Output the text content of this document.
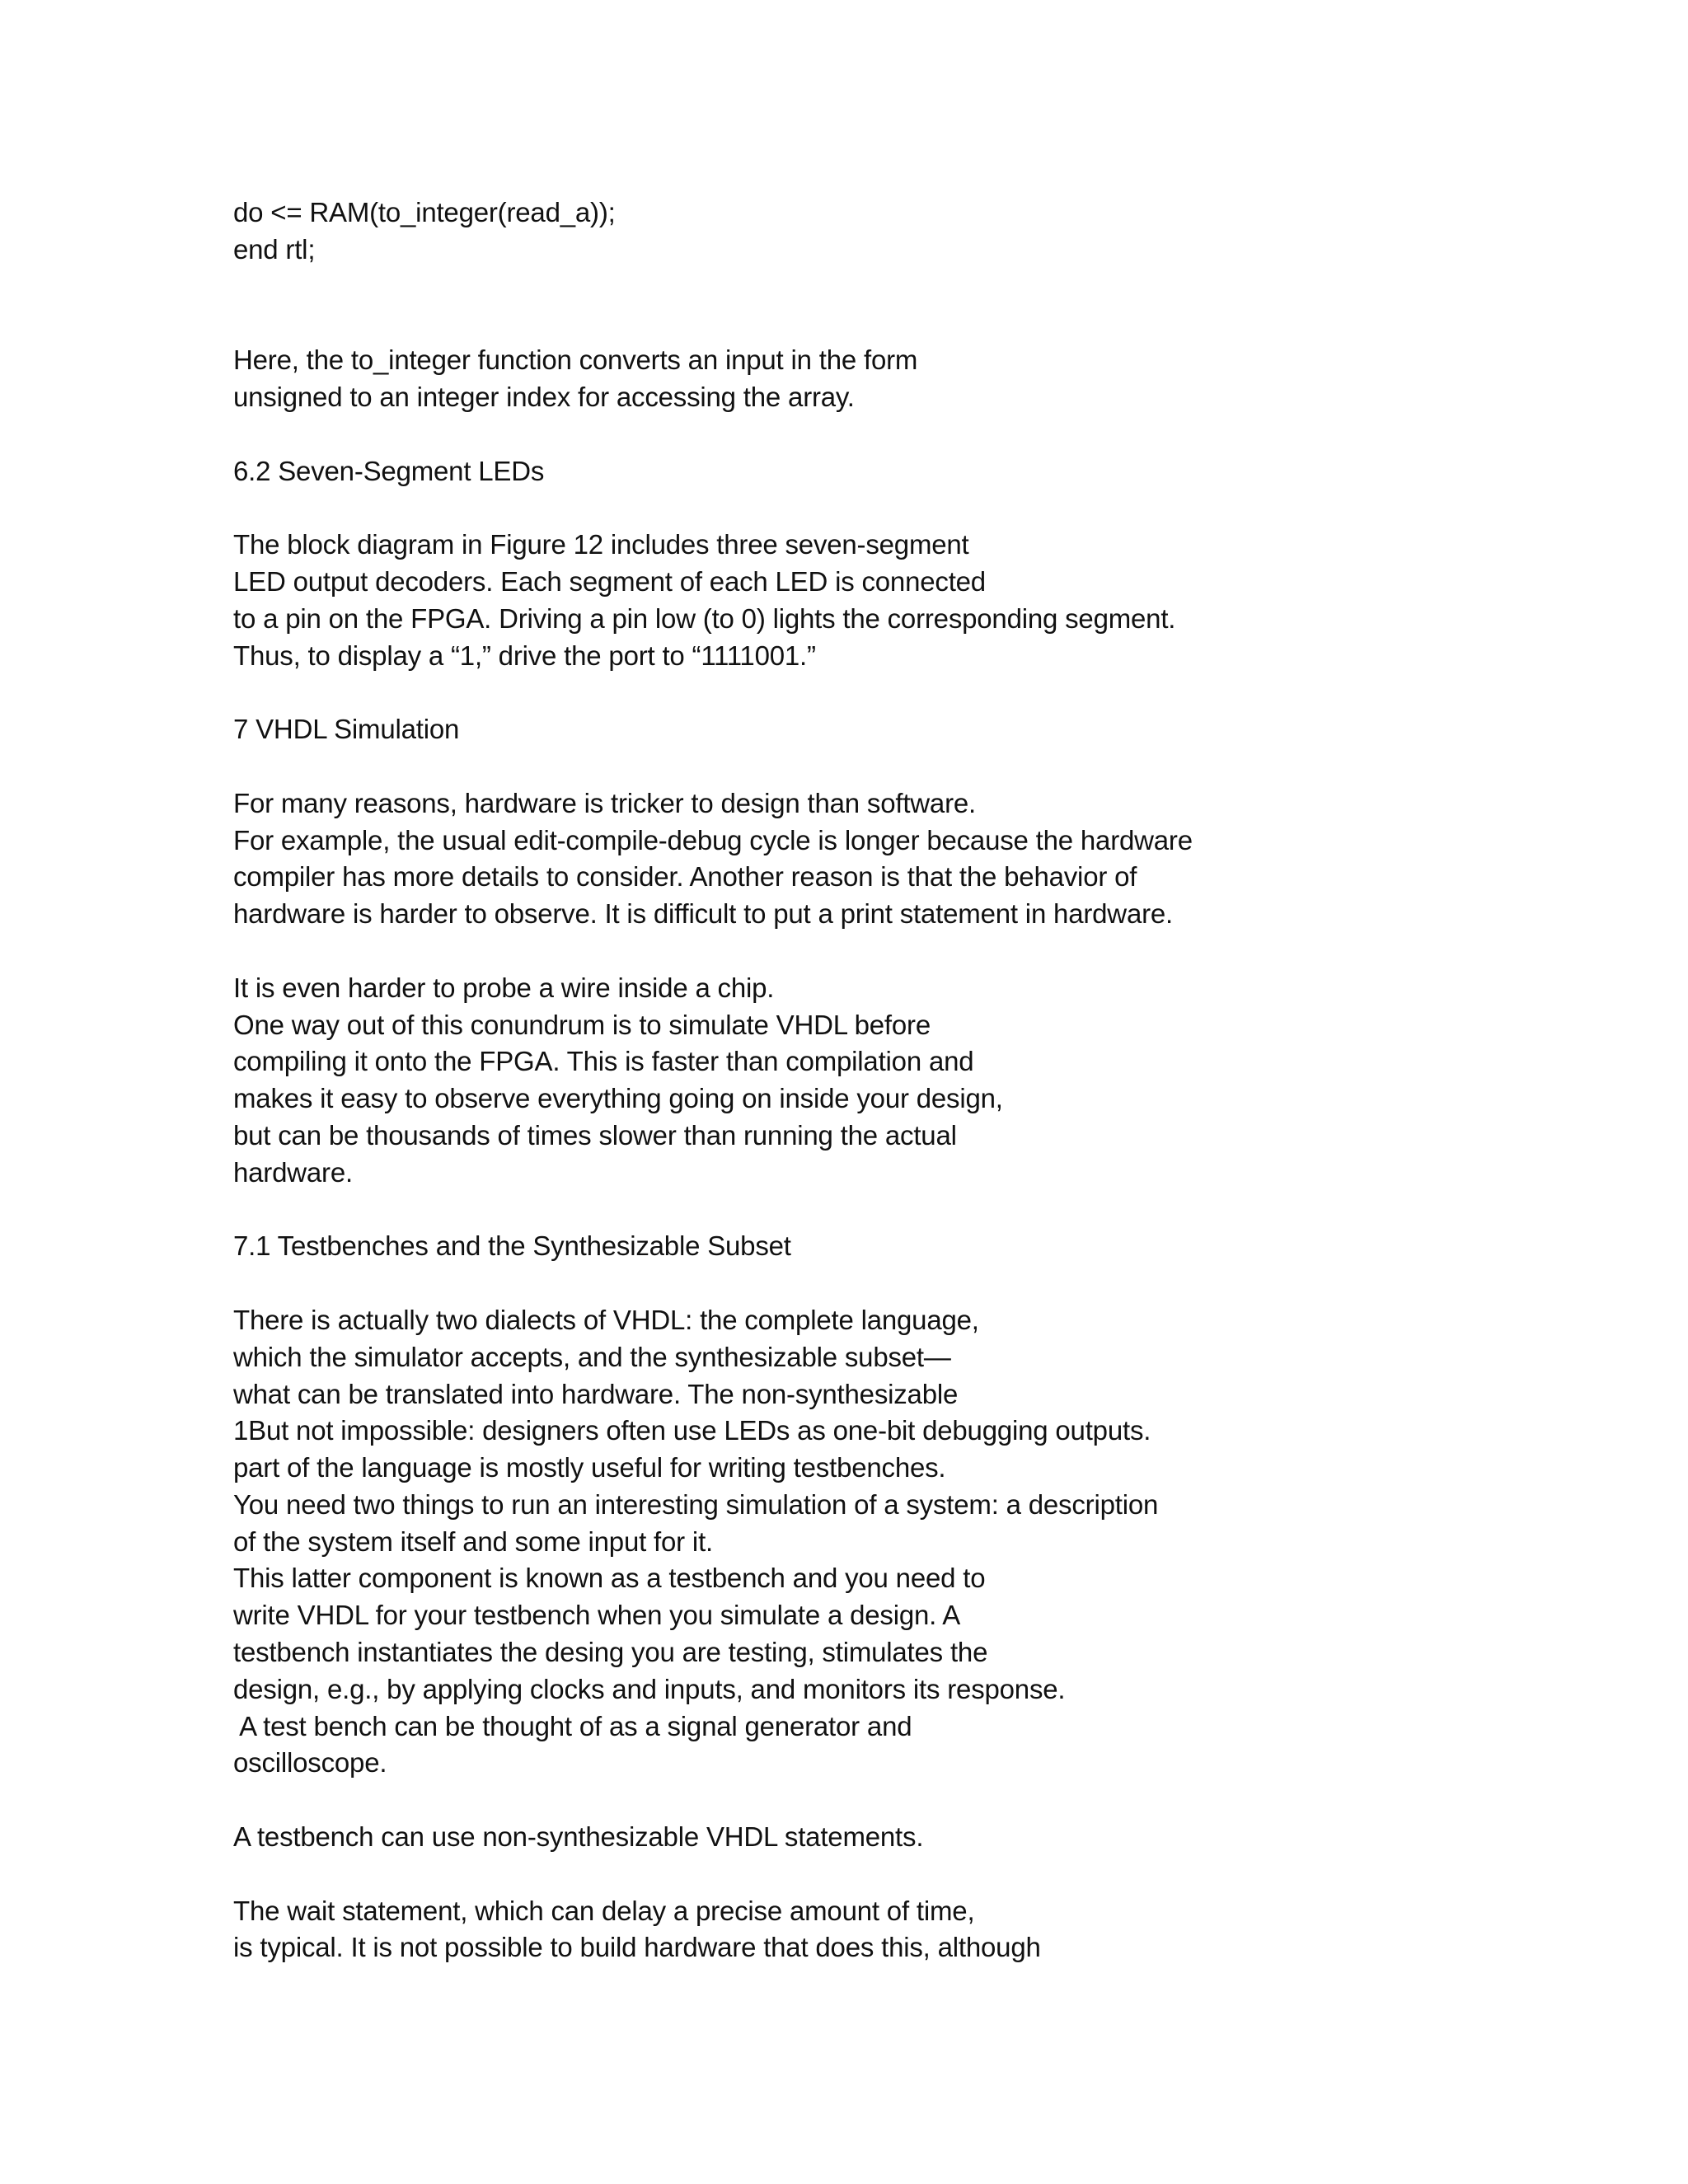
do <= RAM(to_integer(read_a));
end rtl;
Here, the to_integer function converts an input in the form
unsigned to an integer index for accessing the array.
6.2 Seven-Segment LEDs
The block diagram in Figure 12 includes three seven-segment
LED output decoders. Each segment of each LED is connected
to a pin on the FPGA. Driving a pin low (to 0) lights the corresponding segment.
Thus, to display a “1,” drive the port to “1111001.”
7 VHDL Simulation
For many reasons, hardware is tricker to design than software.
For example, the usual edit-compile-debug cycle is longer because the hardware
compiler has more details to consider. Another reason is that the behavior of
hardware is harder to observe. It is difficult to put a print statement in hardware.
It is even harder to probe a wire inside a chip.
One way out of this conundrum is to simulate VHDL before
compiling it onto the FPGA. This is faster than compilation and
makes it easy to observe everything going on inside your design,
but can be thousands of times slower than running the actual
hardware.
7.1 Testbenches and the Synthesizable Subset
There is actually two dialects of VHDL: the complete language,
which the simulator accepts, and the synthesizable subset—
what can be translated into hardware. The non-synthesizable
1But not impossible: designers often use LEDs as one-bit debugging outputs.
part of the language is mostly useful for writing testbenches.
You need two things to run an interesting simulation of a system: a description
of the system itself and some input for it.
This latter component is known as a testbench and you need to
write VHDL for your testbench when you simulate a design. A
testbench instantiates the desing you are testing, stimulates the
design, e.g., by applying clocks and inputs, and monitors its response.
A test bench can be thought of as a signal generator and
oscilloscope.
A testbench can use non-synthesizable VHDL statements.
The wait statement, which can delay a precise amount of time,
is typical. It is not possible to build hardware that does this, although
